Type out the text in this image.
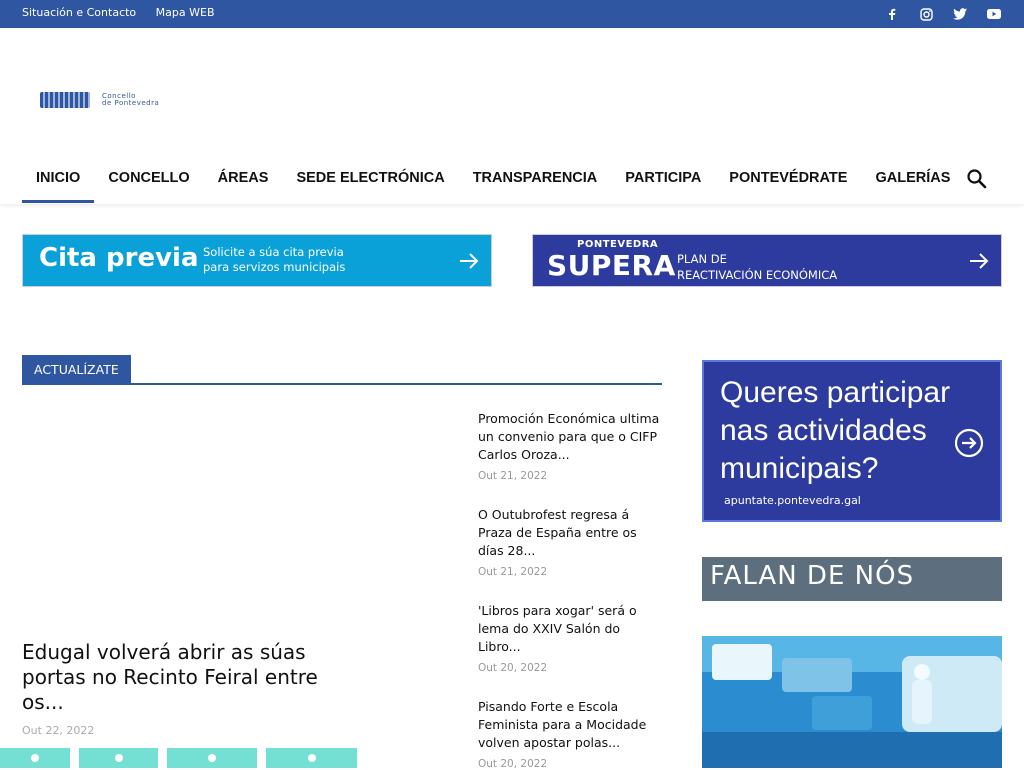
Situación e Contacto Mapa WEB
Concello
de Pontevedra
INICIO	CONCELLO	ÁREAS	SEDE ELECTRÓNICA	TRANSPARENCIA	PARTICIPA	PONTEVÉDRATE	GALERÍAS
Cita previa Solicite a súa cita previa
para servizos municipais
PONTEVEDRA
SUPERA PLAN DE
REACTIVACIÓN ECONÓMICA
ACTUALÍZATE
Edugal volverá abrir as súas portas no Recinto Feiral entre os...
Out 22, 2022
Promoción Económica ultima un convenio para que o CIFP Carlos Oroza...
Out 21, 2022
O Outubrofest regresa á Praza de España entre os días 28...
Out 21, 2022
'Libros para xogar' será o lema do XXIV Salón do Libro...
Out 20, 2022
Pisando Forte e Escola Feminista para a Mocidade volven apostar polas...
Out 20, 2022
Queres participar
nas actividades
municipais?
apuntate.pontevedra.gal
FALAN DE NÓS
